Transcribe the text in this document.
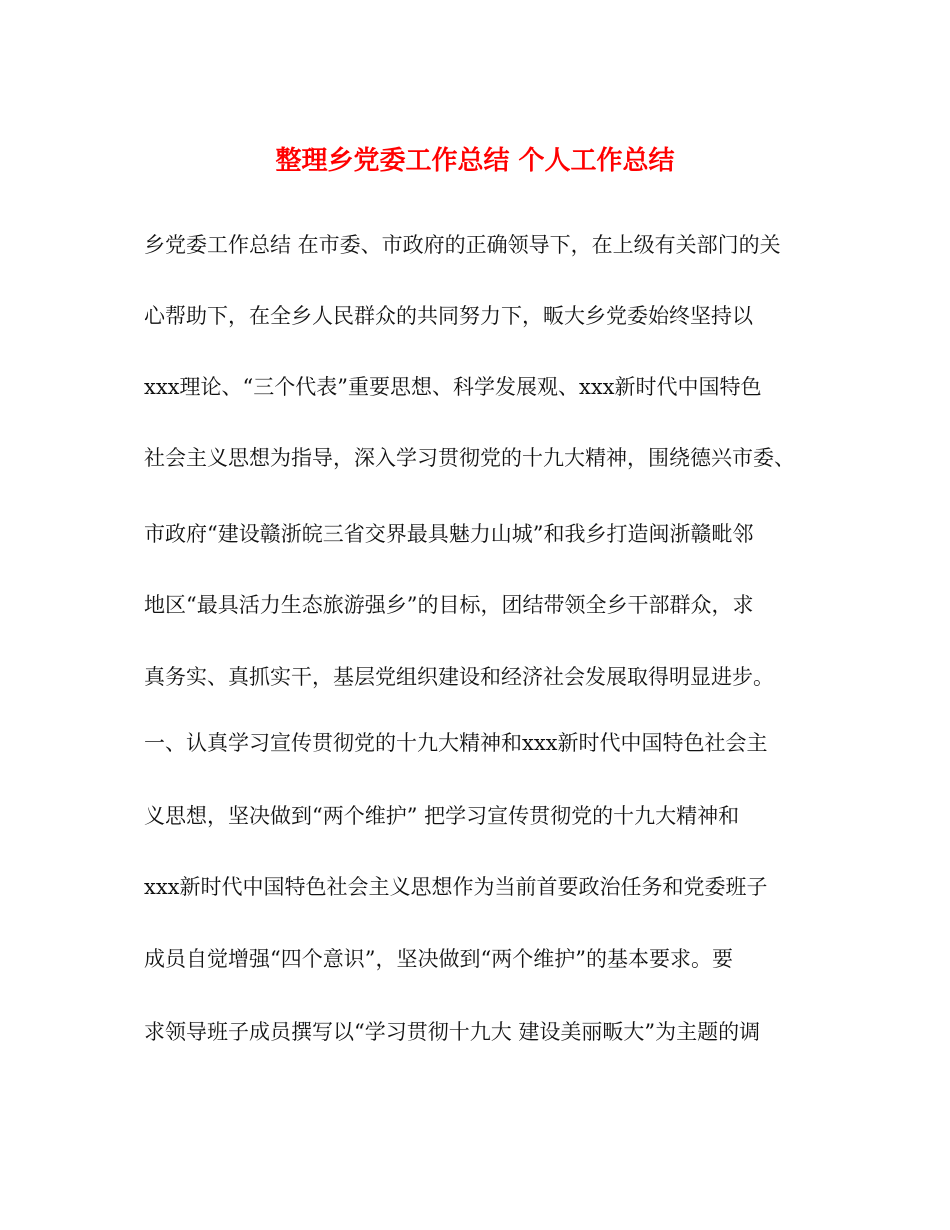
整理乡党委工作总结 个人工作总结
乡党委工作总结 在市委、市政府的正确领导下，在上级有关部门的关
心帮助下，在全乡人民群众的共同努力下，畈大乡党委始终坚持以
xxx理论、“三个代表”重要思想、科学发展观、xxx新时代中国特色
社会主义思想为指导，深入学习贯彻党的十九大精神，围绕德兴市委、
市政府“建设赣浙皖三省交界最具魅力山城”和我乡打造闽浙赣毗邻
地区“最具活力生态旅游强乡”的目标，团结带领全乡干部群众，求
真务实、真抓实干，基层党组织建设和经济社会发展取得明显进步。
一、认真学习宣传贯彻党的十九大精神和xxx新时代中国特色社会主
义思想，坚决做到“两个维护” 把学习宣传贯彻党的十九大精神和
xxx新时代中国特色社会主义思想作为当前首要政治任务和党委班子
成员自觉增强“四个意识”，坚决做到“两个维护”的基本要求。要
求领导班子成员撰写以“学习贯彻十九大 建设美丽畈大”为主题的调
